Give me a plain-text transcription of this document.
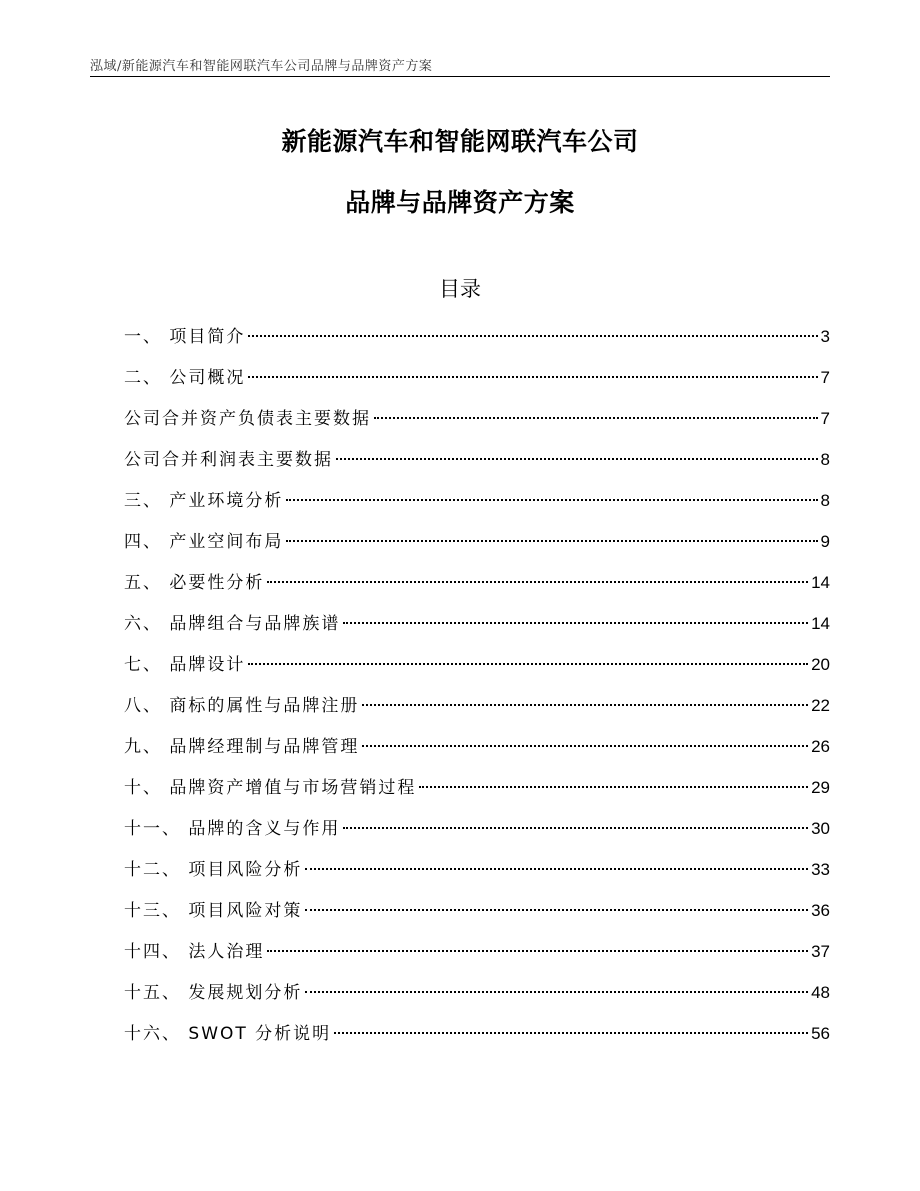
泓域/新能源汽车和智能网联汽车公司品牌与品牌资产方案
新能源汽车和智能网联汽车公司
品牌与品牌资产方案
目录
一、 项目简介	3
二、 公司概况	7
公司合并资产负债表主要数据	7
公司合并利润表主要数据	8
三、 产业环境分析	8
四、 产业空间布局	9
五、 必要性分析	14
六、 品牌组合与品牌族谱	14
七、 品牌设计	20
八、 商标的属性与品牌注册	22
九、 品牌经理制与品牌管理	26
十、 品牌资产增值与市场营销过程	29
十一、 品牌的含义与作用	30
十二、 项目风险分析	33
十三、 项目风险对策	36
十四、 法人治理	37
十五、 发展规划分析	48
十六、 SWOT 分析说明	56
